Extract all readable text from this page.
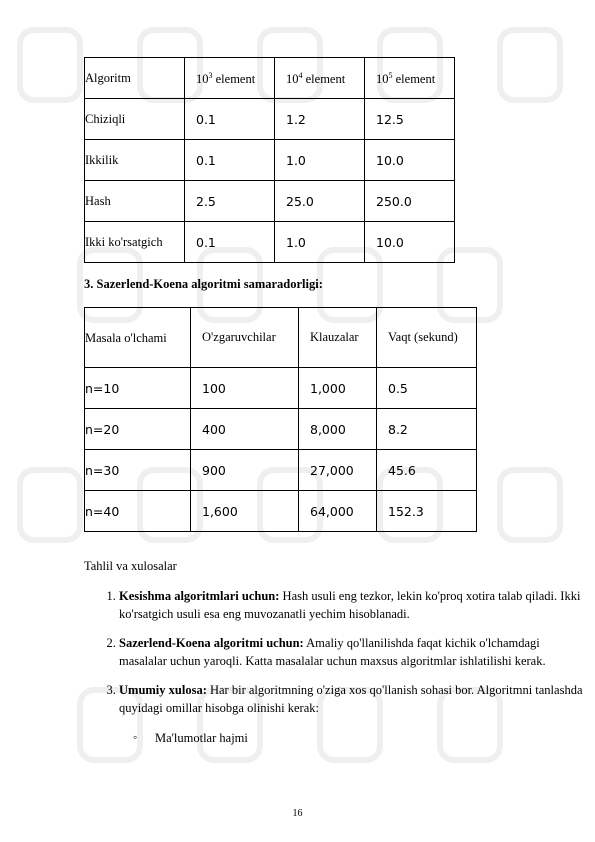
Algoritm	$10^3$ element	$10^4$ element	$10^5$ element
Chiziqli	0.1	1.2	12.5
Ikkilik	0.1	1.0	10.0
Hash	2.5	25.0	250.0
Ikki ko'rsatgich	0.1	1.0	10.0
3. Sazerlend-Koena algoritmi samaradorligi:
Masala o'lchami	O'zgaruvchilar	Klauzalar	Vaqt (sekund)
n=10	100	1,000	0.5
n=20	400	8,000	8.2
n=30	900	27,000	45.6
n=40	1,600	64,000	152.3
Tahlil va xulosalar
1. Kesishma algoritmlari uchun: Hash usuli eng tezkor, lekin ko'proq xotira talab qiladi. Ikki ko'rsatgich usuli esa eng muvozanatli yechim hisoblanadi.
2. Sazerlend-Koena algoritmi uchun: Amaliy qo'llanilishda faqat kichik o'lchamdagi masalalar uchun yaroqli. Katta masalalar uchun maxsus algoritmlar ishlatilishi kerak.
3. Umumiy xulosa: Har bir algoritmning o'ziga xos qo'llanish sohasi bor. Algoritmni tanlashda quyidagi omillar hisobga olinishi kerak:
◦ Ma'lumotlar hajmi
16
